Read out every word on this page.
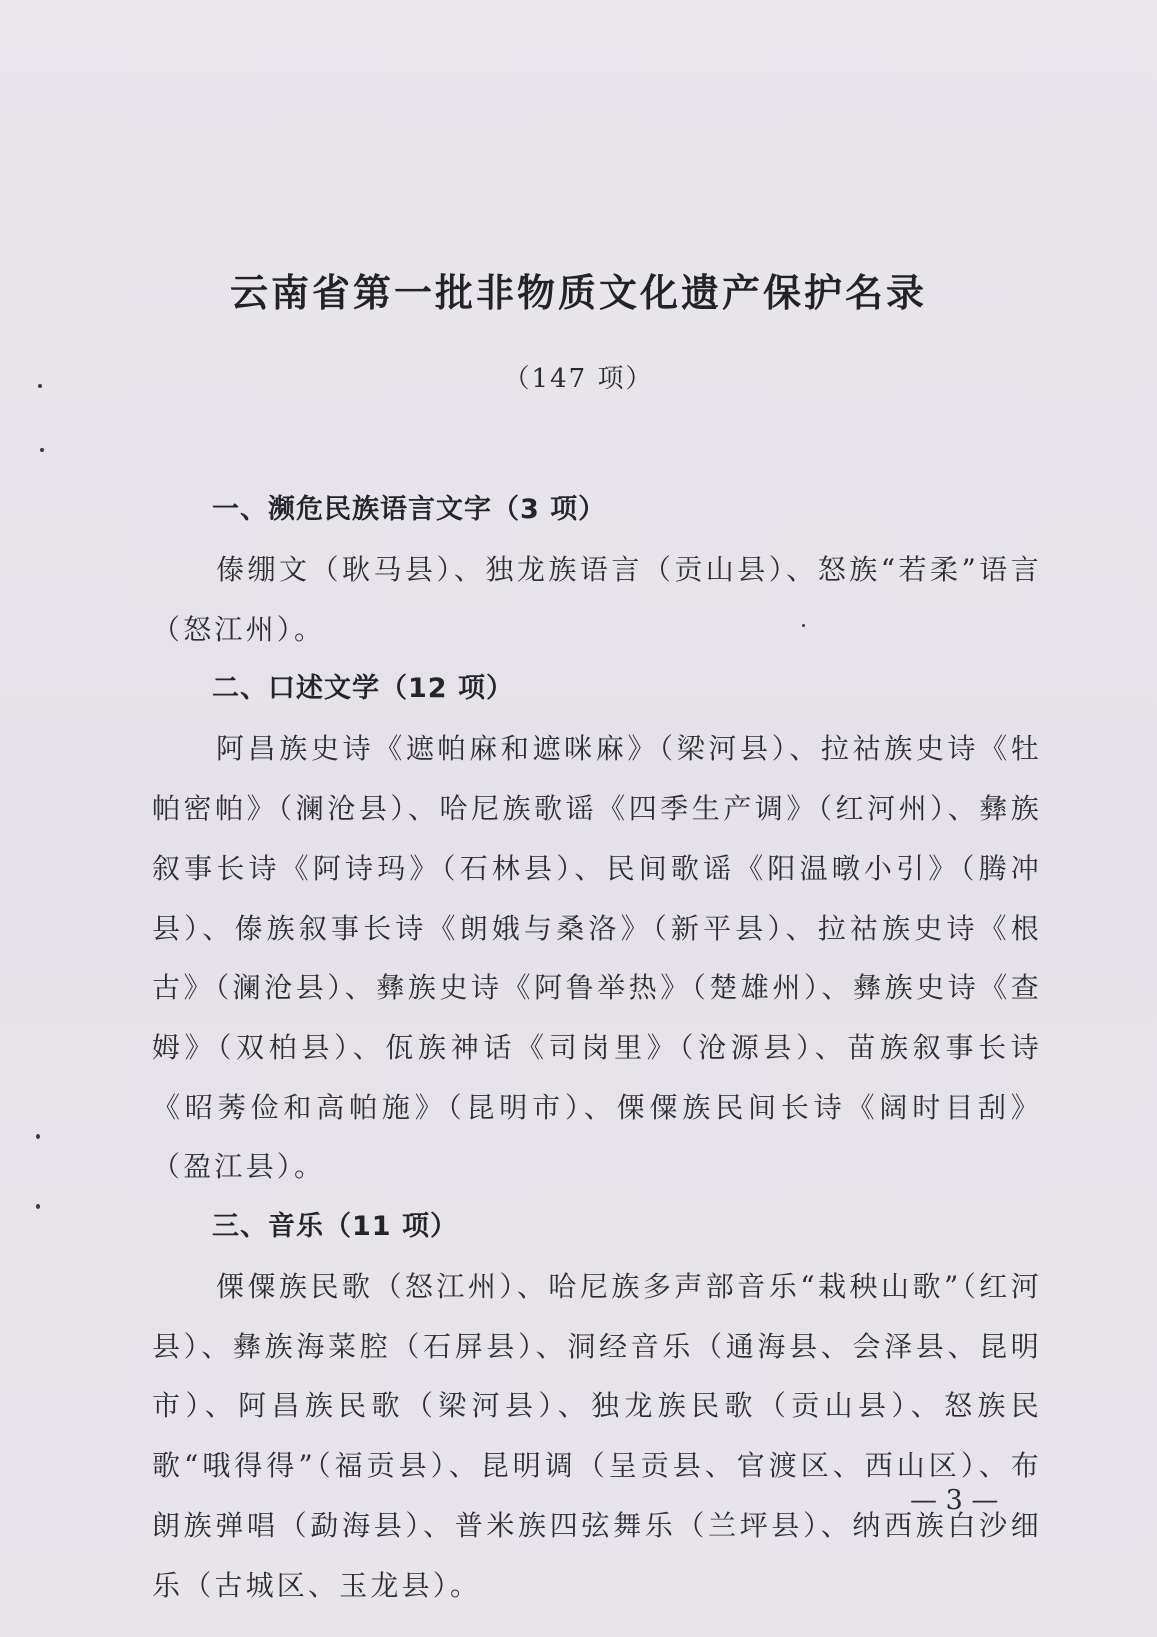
云南省第一批非物质文化遗产保护名录
（147 项）

一、濒危民族语言文字（3 项）

傣绷文（耿马县）、独龙族语言（贡山县）、怒族“若柔”语言（怒江州）。

二、口述文学（12 项）

阿昌族史诗《遮帕麻和遮咪麻》（梁河县）、拉祜族史诗《牡帕密帕》（澜沧县）、哈尼族歌谣《四季生产调》（红河州）、彝族叙事长诗《阿诗玛》（石林县）、民间歌谣《阳温暾小引》（腾冲县）、傣族叙事长诗《朗娥与桑洛》（新平县）、拉祜族史诗《根古》（澜沧县）、彝族史诗《阿鲁举热》（楚雄州）、彝族史诗《查姆》（双柏县）、佤族神话《司岗里》（沧源县）、苗族叙事长诗《昭莠俭和高帕施》（昆明市）、傈僳族民间长诗《阔时目刮》（盈江县）。

三、音乐（11 项）

傈僳族民歌（怒江州）、哈尼族多声部音乐“栽秧山歌”（红河县）、彝族海菜腔（石屏县）、洞经音乐（通海县、会泽县、昆明市）、阿昌族民歌（梁河县）、独龙族民歌（贡山县）、怒族民歌“哦得得”（福贡县）、昆明调（呈贡县、官渡区、西山区）、布朗族弹唱（勐海县）、普米族四弦舞乐（兰坪县）、纳西族白沙细乐（古城区、玉龙县）。

— 3 —
